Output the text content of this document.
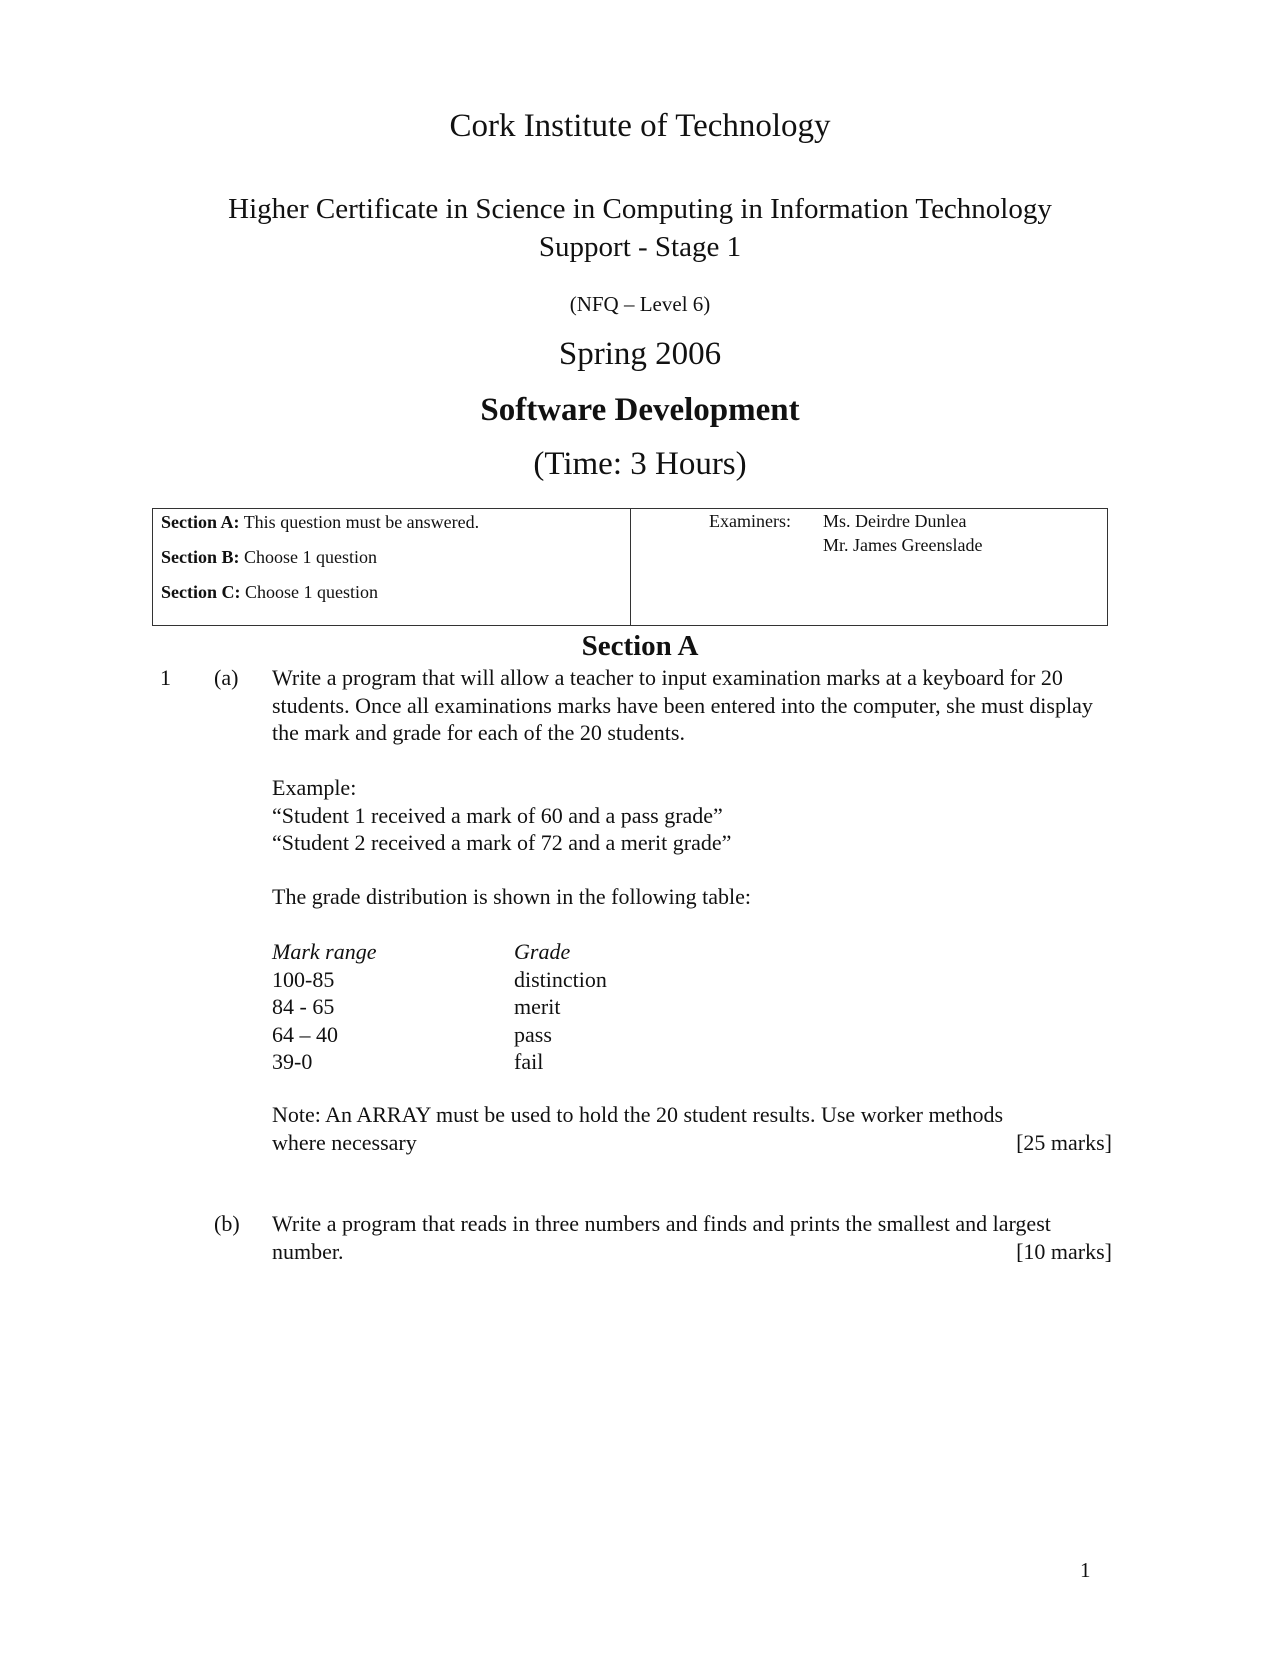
Cork Institute of Technology
Higher Certificate in Science in Computing in Information Technology
Support - Stage 1
(NFQ – Level 6)
Spring 2006
Software Development
(Time: 3 Hours)
Section A: This question must be answered.
Section B: Choose 1 question
Section C: Choose 1 question
Examiners: Ms. Deirdre Dunlea
Mr. James Greenslade
Section A
1 (a) Write a program that will allow a teacher to input examination marks at a keyboard for 20 students. Once all examinations marks have been entered into the computer, she must display the mark and grade for each of the 20 students.

Example:

“Student 1 received a mark of 60 and a pass grade”

“Student 2 received a mark of 72 and a merit grade”

The grade distribution is shown in the following table:

Mark range	Grade
100-85	distinction
84 - 65	merit
64 – 40	pass
39-0	fail

Note: An ARRAY must be used to hold the 20 student results. Use worker methods

where necessary	[25 marks]

(b) Write a program that reads in three numbers and finds and prints the smallest and largest

number.	[10 marks]

1
